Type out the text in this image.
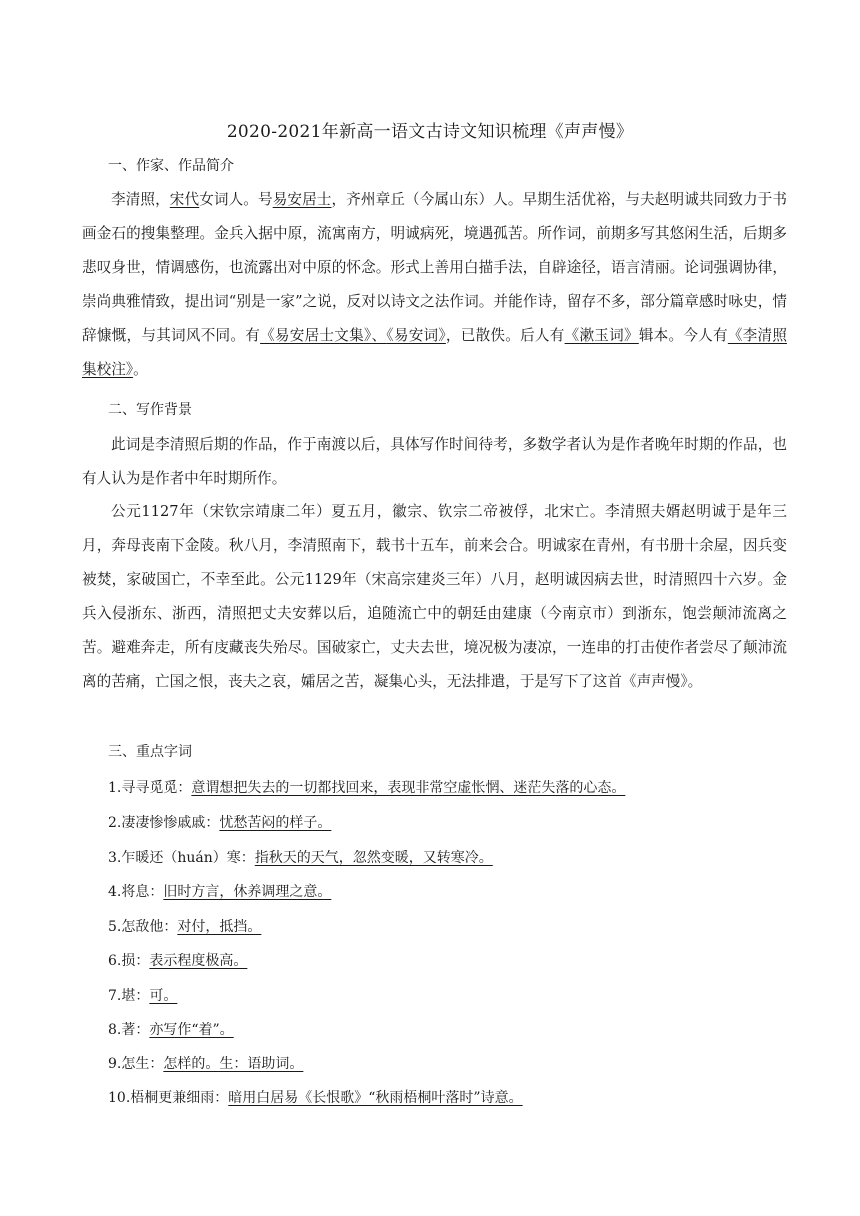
2020-2021年新高一语文古诗文知识梳理《声声慢》
一、作家、作品简介
李清照，宋代女词人。号易安居士，齐州章丘（今属山东）人。早期生活优裕，与夫赵明诚共同致力于书画金石的搜集整理。金兵入据中原，流寓南方，明诚病死，境遇孤苦。所作词，前期多写其悠闲生活，后期多悲叹身世，情调感伤，也流露出对中原的怀念。形式上善用白描手法，自辟途径，语言清丽。论词强调协律，崇尚典雅情致，提出词“别是一家”之说，反对以诗文之法作词。并能作诗，留存不多，部分篇章感时咏史，情辞慷慨，与其词风不同。有《易安居士文集》、《易安词》，已散佚。后人有《漱玉词》辑本。今人有《李清照集校注》。
二、写作背景
此词是李清照后期的作品，作于南渡以后，具体写作时间待考，多数学者认为是作者晚年时期的作品，也有人认为是作者中年时期所作。
公元1127年（宋钦宗靖康二年）夏五月，徽宗、钦宗二帝被俘，北宋亡。李清照夫婿赵明诚于是年三月，奔母丧南下金陵。秋八月，李清照南下，载书十五车，前来会合。明诚家在青州，有书册十余屋，因兵变被焚，家破国亡，不幸至此。公元1129年（宋高宗建炎三年）八月，赵明诚因病去世，时清照四十六岁。金兵入侵浙东、浙西，清照把丈夫安葬以后，追随流亡中的朝廷由建康（今南京市）到浙东，饱尝颠沛流离之苦。避难奔走，所有庋藏丧失殆尽。国破家亡，丈夫去世，境况极为凄凉，一连串的打击使作者尝尽了颠沛流离的苦痛，亡国之恨，丧夫之哀，孀居之苦，凝集心头，无法排遣，于是写下了这首《声声慢》。
三、重点字词
1.寻寻觅觅：意谓想把失去的一切都找回来，表现非常空虚怅惘、迷茫失落的心态。
2.凄凄惨惨戚戚：忧愁苦闷的样子。
3.乍暖还（huán）寒：指秋天的天气，忽然变暖，又转寒冷。
4.将息：旧时方言，休养调理之意。
5.怎敌他：对付，抵挡。
6.损：表示程度极高。
7.堪：可。
8.著：亦写作“着”。
9.怎生：怎样的。生：语助词。
10.梧桐更兼细雨：暗用白居易《长恨歌》“秋雨梧桐叶落时”诗意。
